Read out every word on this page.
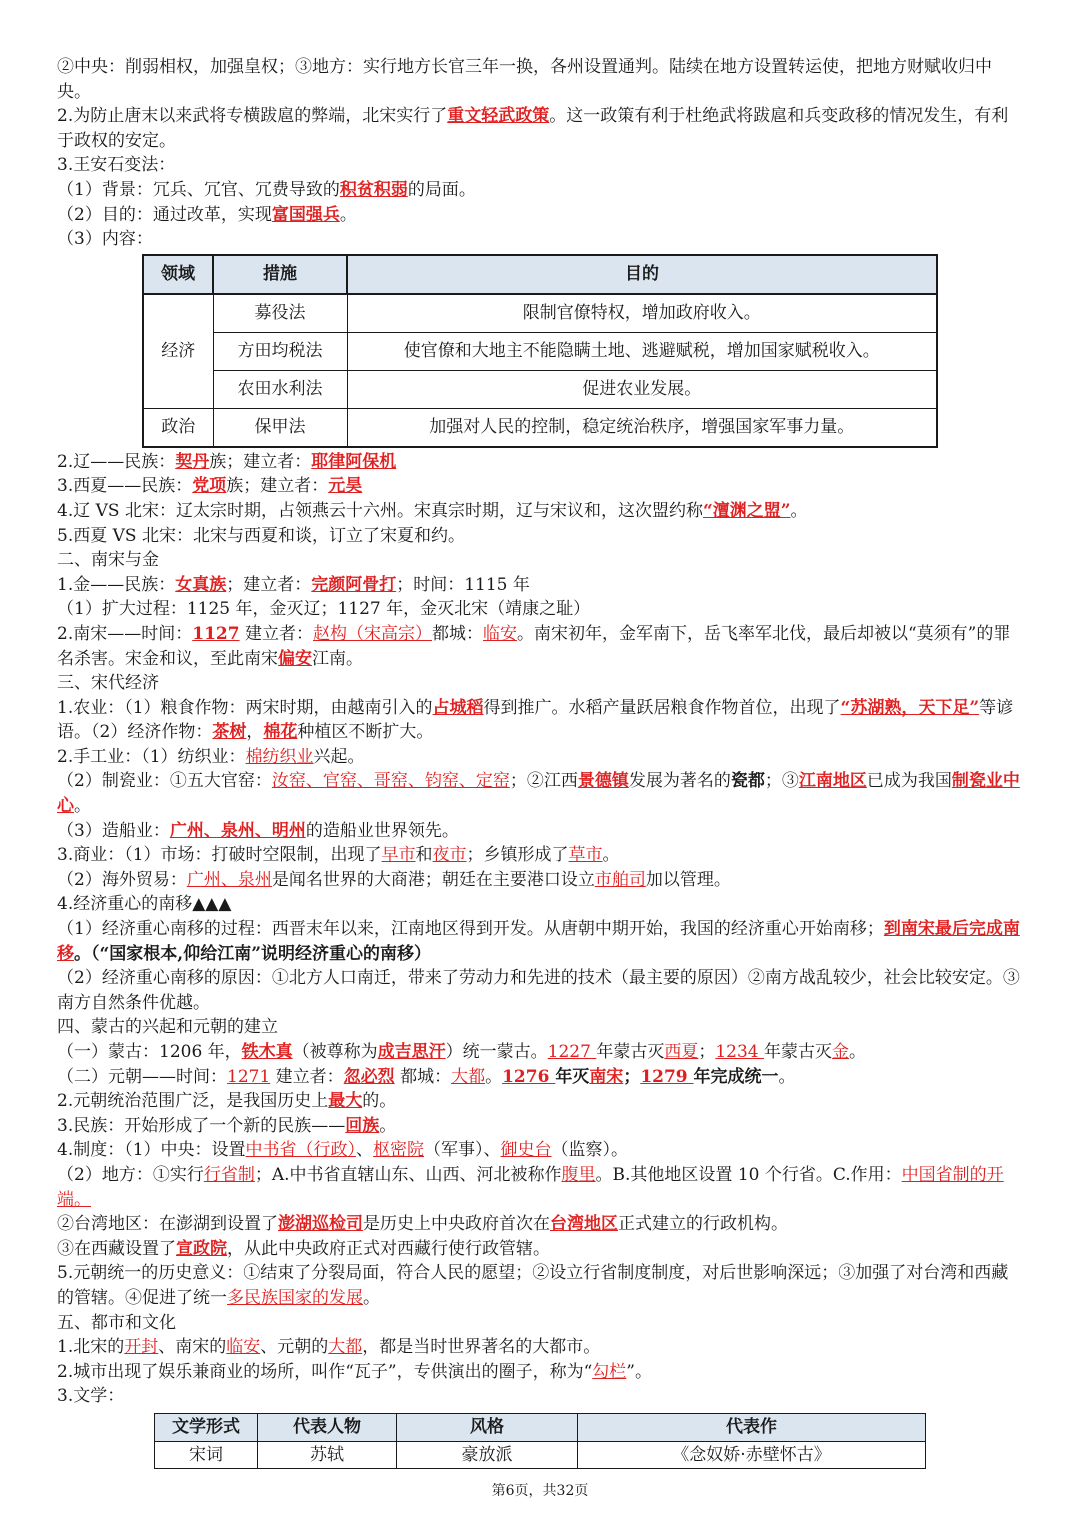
②中央：削弱相权，加强皇权；③地方：实行地方长官三年一换，各州设置通判。陆续在地方设置转运使，把地方财赋收归中央。

2.为防止唐末以来武将专横跋扈的弊端，北宋实行了重文轻武政策。这一政策有利于杜绝武将跋扈和兵变政移的情况发生，有利于政权的安定。

3.王安石变法：

（1）背景：冗兵、冗官、冗费导致的积贫积弱的局面。

（2）目的：通过改革，实现富国强兵。

（3）内容：

领域	措施	目的
经济	募役法	限制官僚特权，增加政府收入。
	方田均税法	使官僚和大地主不能隐瞒土地、逃避赋税，增加国家赋税收入。
	农田水利法	促进农业发展。
政治	保甲法	加强对人民的控制，稳定统治秩序，增强国家军事力量。

2.辽——民族：契丹族；建立者：耶律阿保机

3.西夏——民族：党项族；建立者：元昊

4.辽 VS 北宋：辽太宗时期，占领燕云十六州。宋真宗时期，辽与宋议和，这次盟约称“澶渊之盟”。

5.西夏 VS 北宋：北宋与西夏和谈，订立了宋夏和约。

二、南宋与金

1.金——民族：女真族；建立者：完颜阿骨打；时间：1115 年

（1）扩大过程：1125 年，金灭辽；1127 年，金灭北宋（靖康之耻）

2.南宋——时间：1127 建立者：赵构（宋高宗）都城：临安。南宋初年，金军南下，岳飞率军北伐，最后却被以“莫须有”的罪名杀害。宋金和议，至此南宋偏安江南。

三、宋代经济

1.农业：（1）粮食作物：两宋时期，由越南引入的占城稻得到推广。水稻产量跃居粮食作物首位，出现了“苏湖熟，天下足”等谚语。（2）经济作物：茶树，棉花种植区不断扩大。

2.手工业：（1）纺织业：棉纺织业兴起。

（2）制瓷业：①五大官窑：汝窑、官窑、哥窑、钧窑、定窑；②江西景德镇发展为著名的瓷都；③江南地区已成为我国制瓷业中心。

（3）造船业：广州、泉州、明州的造船业世界领先。

3.商业：（1）市场：打破时空限制，出现了早市和夜市；乡镇形成了草市。

（2）海外贸易：广州、泉州是闻名世界的大商港；朝廷在主要港口设立市舶司加以管理。

4.经济重心的南移▲▲▲

（1）经济重心南移的过程：西晋末年以来，江南地区得到开发。从唐朝中期开始，我国的经济重心开始南移；到南宋最后完成南移。（“国家根本,仰给江南”说明经济重心的南移）

（2）经济重心南移的原因：①北方人口南迁，带来了劳动力和先进的技术（最主要的原因）②南方战乱较少，社会比较安定。③南方自然条件优越。

四、蒙古的兴起和元朝的建立

（一）蒙古：1206 年，铁木真（被尊称为成吉思汗）统一蒙古。1227 年蒙古灭西夏；1234 年蒙古灭金。

（二）元朝——时间：1271 建立者：忽必烈 都城：大都。1276 年灭南宋；1279 年完成统一。

2.元朝统治范围广泛，是我国历史上最大的。

3.民族：开始形成了一个新的民族——回族。

4.制度：（1）中央：设置中书省（行政）、枢密院（军事）、御史台（监察）。

（2）地方：①实行行省制；A.中书省直辖山东、山西、河北被称作腹里。B.其他地区设置 10 个行省。C.作用：中国省制的开端。

②台湾地区：在澎湖到设置了澎湖巡检司是历史上中央政府首次在台湾地区正式建立的行政机构。

③在西藏设置了宣政院，从此中央政府正式对西藏行使行政管辖。

5.元朝统一的历史意义：①结束了分裂局面，符合人民的愿望；②设立行省制度制度，对后世影响深远；③加强了对台湾和西藏的管辖。④促进了统一多民族国家的发展。

五、都市和文化

1.北宋的开封、南宋的临安、元朝的大都，都是当时世界著名的大都市。

2.城市出现了娱乐兼商业的场所，叫作“瓦子”，专供演出的圈子，称为“勾栏”。

3.文学：

文学形式	代表人物	风格	代表作
宋词	苏轼	豪放派	《念奴娇·赤壁怀古》
第6页，共32页
